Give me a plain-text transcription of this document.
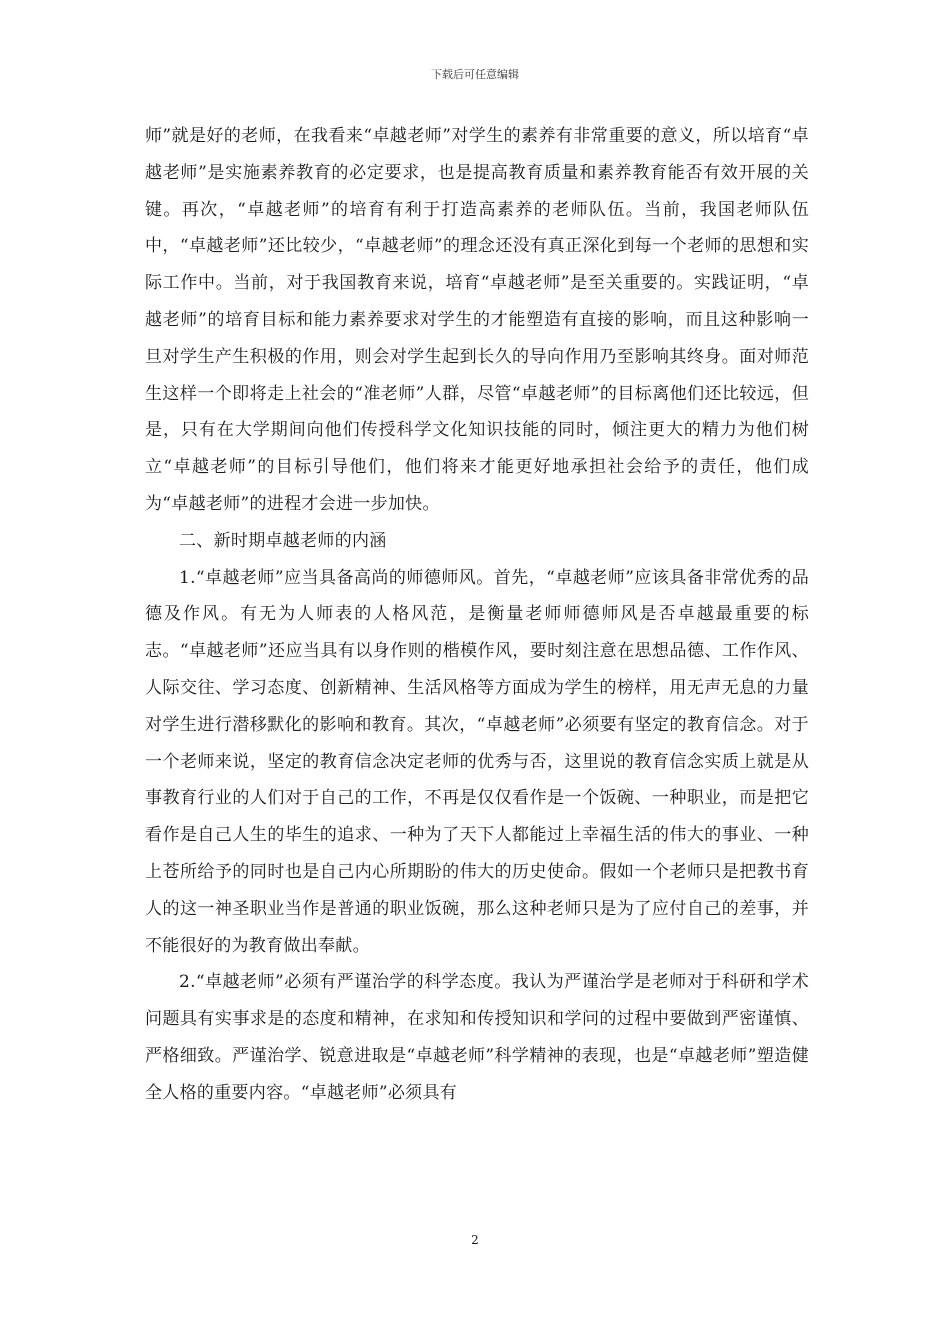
下载后可任意编辑

师”就是好的老师，在我看来“卓越老师”对学生的素养有非常重要的意义，所以培育“卓越老师”是实施素养教育的必定要求，也是提高教育质量和素养教育能否有效开展的关键。再次，“卓越老师”的培育有利于打造高素养的老师队伍。当前，我国老师队伍中，“卓越老师”还比较少，“卓越老师”的理念还没有真正深化到每一个老师的思想和实际工作中。当前，对于我国教育来说，培育“卓越老师”是至关重要的。实践证明，“卓越老师”的培育目标和能力素养要求对学生的才能塑造有直接的影响，而且这种影响一旦对学生产生积极的作用，则会对学生起到长久的导向作用乃至影响其终身。面对师范生这样一个即将走上社会的“准老师”人群，尽管“卓越老师”的目标离他们还比较远，但是，只有在大学期间向他们传授科学文化知识技能的同时，倾注更大的精力为他们树立“卓越老师”的目标引导他们，他们将来才能更好地承担社会给予的责任，他们成为“卓越老师”的进程才会进一步加快。

二、新时期卓越老师的内涵

1.“卓越老师”应当具备高尚的师德师风。首先，“卓越老师”应该具备非常优秀的品德及作风。有无为人师表的人格风范，是衡量老师师德师风是否卓越最重要的标志。“卓越老师”还应当具有以身作则的楷模作风，要时刻注意在思想品德、工作作风、人际交往、学习态度、创新精神、生活风格等方面成为学生的榜样，用无声无息的力量对学生进行潜移默化的影响和教育。其次，“卓越老师”必须要有坚定的教育信念。对于一个老师来说，坚定的教育信念决定老师的优秀与否，这里说的教育信念实质上就是从事教育行业的人们对于自己的工作，不再是仅仅看作是一个饭碗、一种职业，而是把它看作是自己人生的毕生的追求、一种为了天下人都能过上幸福生活的伟大的事业、一种上苍所给予的同时也是自己内心所期盼的伟大的历史使命。假如一个老师只是把教书育人的这一神圣职业当作是普通的职业饭碗，那么这种老师只是为了应付自己的差事，并不能很好的为教育做出奉献。

2.“卓越老师”必须有严谨治学的科学态度。我认为严谨治学是老师对于科研和学术问题具有实事求是的态度和精神，在求知和传授知识和学问的过程中要做到严密谨慎、严格细致。严谨治学、锐意进取是“卓越老师”科学精神的表现，也是“卓越老师”塑造健全人格的重要内容。“卓越老师”必须具有

2
